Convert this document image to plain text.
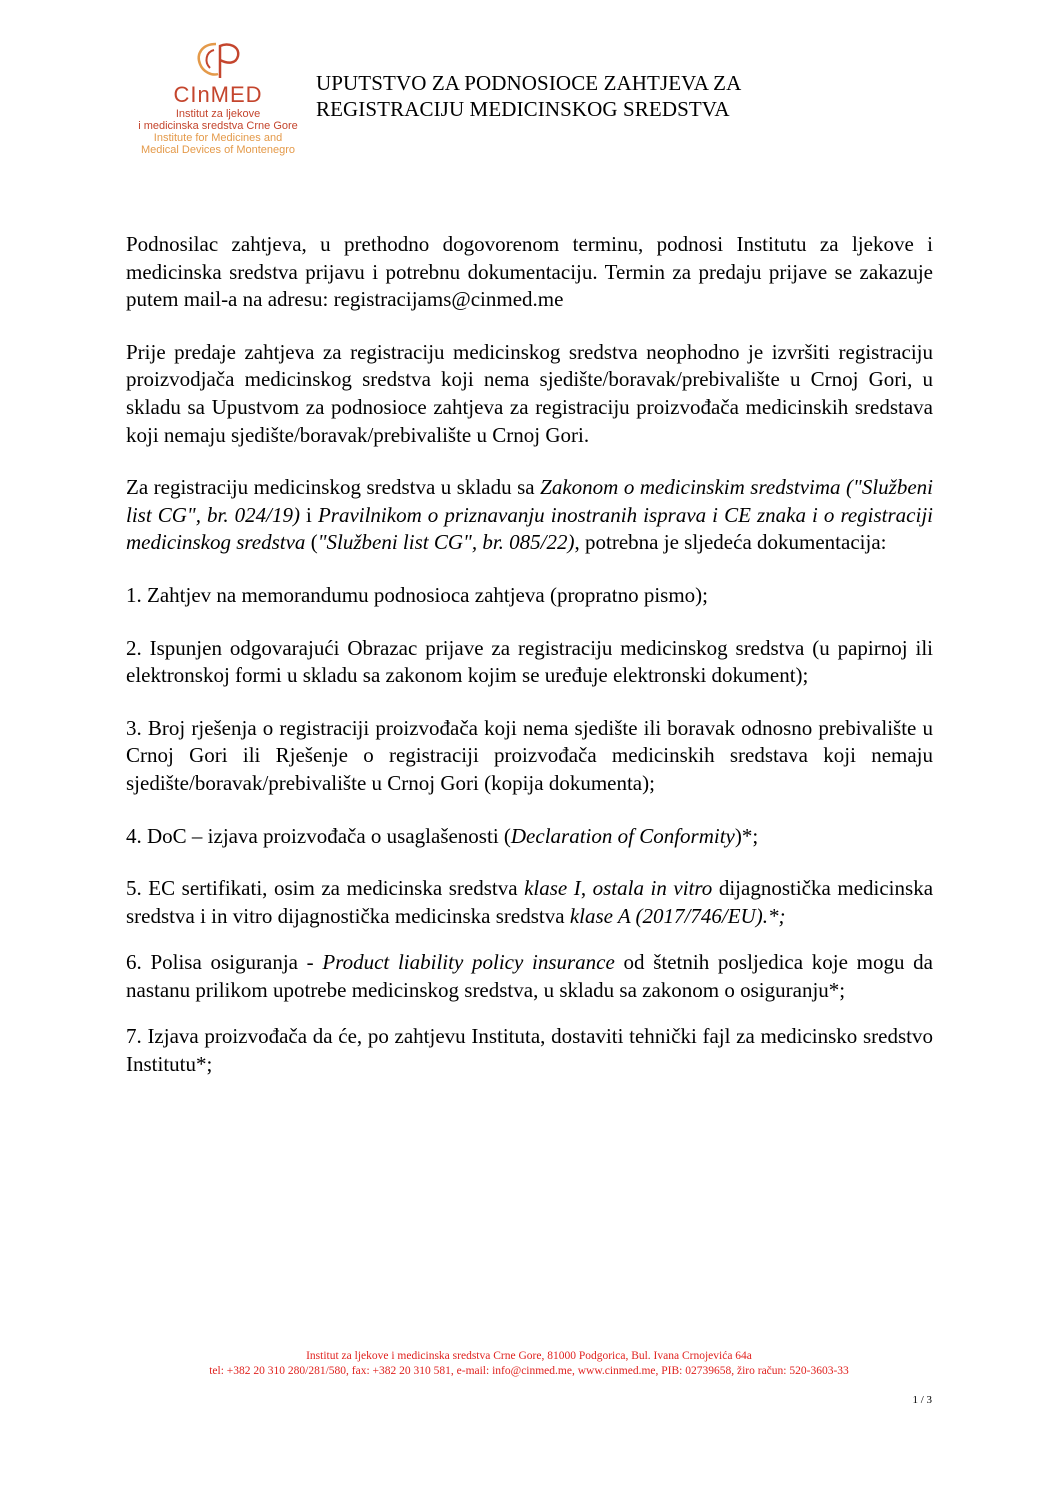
CInMED
Institut za ljekove
i medicinska sredstva Crne Gore
Institute for Medicines and
Medical Devices of Montenegro
UPUTSTVO ZA PODNOSIOCE ZAHTJEVA ZA
REGISTRACIJU MEDICINSKOG SREDSTVA

Podnosilac zahtjeva, u prethodno dogovorenom terminu, podnosi Institutu za ljekove i medicinska sredstva prijavu i potrebnu dokumentaciju. Termin za predaju prijave se zakazuje putem mail-a na adresu: registracijams@cinmed.me

Prije predaje zahtjeva za registraciju medicinskog sredstva neophodno je izvršiti registraciju proizvodjača medicinskog sredstva koji nema sjedište/boravak/prebivalište u Crnoj Gori, u skladu sa Upustvom za podnosioce zahtjeva za registraciju proizvođača medicinskih sredstava koji nemaju sjedište/boravak/prebivalište u Crnoj Gori.

Za registraciju medicinskog sredstva u skladu sa Zakonom o medicinskim sredstvima ("Službeni list CG", br. 024/19) i Pravilnikom o priznavanju inostranih isprava i CE znaka i o registraciji medicinskog sredstva ("Službeni list CG", br. 085/22), potrebna je sljedeća dokumentacija:

1. Zahtjev na memorandumu podnosioca zahtjeva (propratno pismo);

2. Ispunjen odgovarajući Obrazac prijave za registraciju medicinskog sredstva (u papirnoj ili elektronskoj formi u skladu sa zakonom kojim se uređuje elektronski dokument);

3. Broj rješenja o registraciji proizvođača koji nema sjedište ili boravak odnosno prebivalište u Crnoj Gori ili Rješenje o registraciji proizvođača medicinskih sredstava koji nemaju sjedište/boravak/prebivalište u Crnoj Gori (kopija dokumenta);

4. DoC – izjava proizvođača o usaglašenosti (Declaration of Conformity)*;

5. EC sertifikati, osim za medicinska sredstva klase I, ostala in vitro dijagnostička medicinska sredstva i in vitro dijagnostička medicinska sredstva klase A (2017/746/EU).*;

6. Polisa osiguranja - Product liability policy insurance od štetnih posljedica koje mogu da nastanu prilikom upotrebe medicinskog sredstva, u skladu sa zakonom o osiguranju*;

7. Izjava proizvođača da će, po zahtjevu Instituta, dostaviti tehnički fajl za medicinsko sredstvo Institutu*;

Institut za ljekove i medicinska sredstva Crne Gore, 81000 Podgorica, Bul. Ivana Crnojevića 64a
tel: +382 20 310 280/281/580, fax: +382 20 310 581, e-mail: info@cinmed.me, www.cinmed.me, PIB: 02739658, žiro račun: 520-3603-33
1 / 3
